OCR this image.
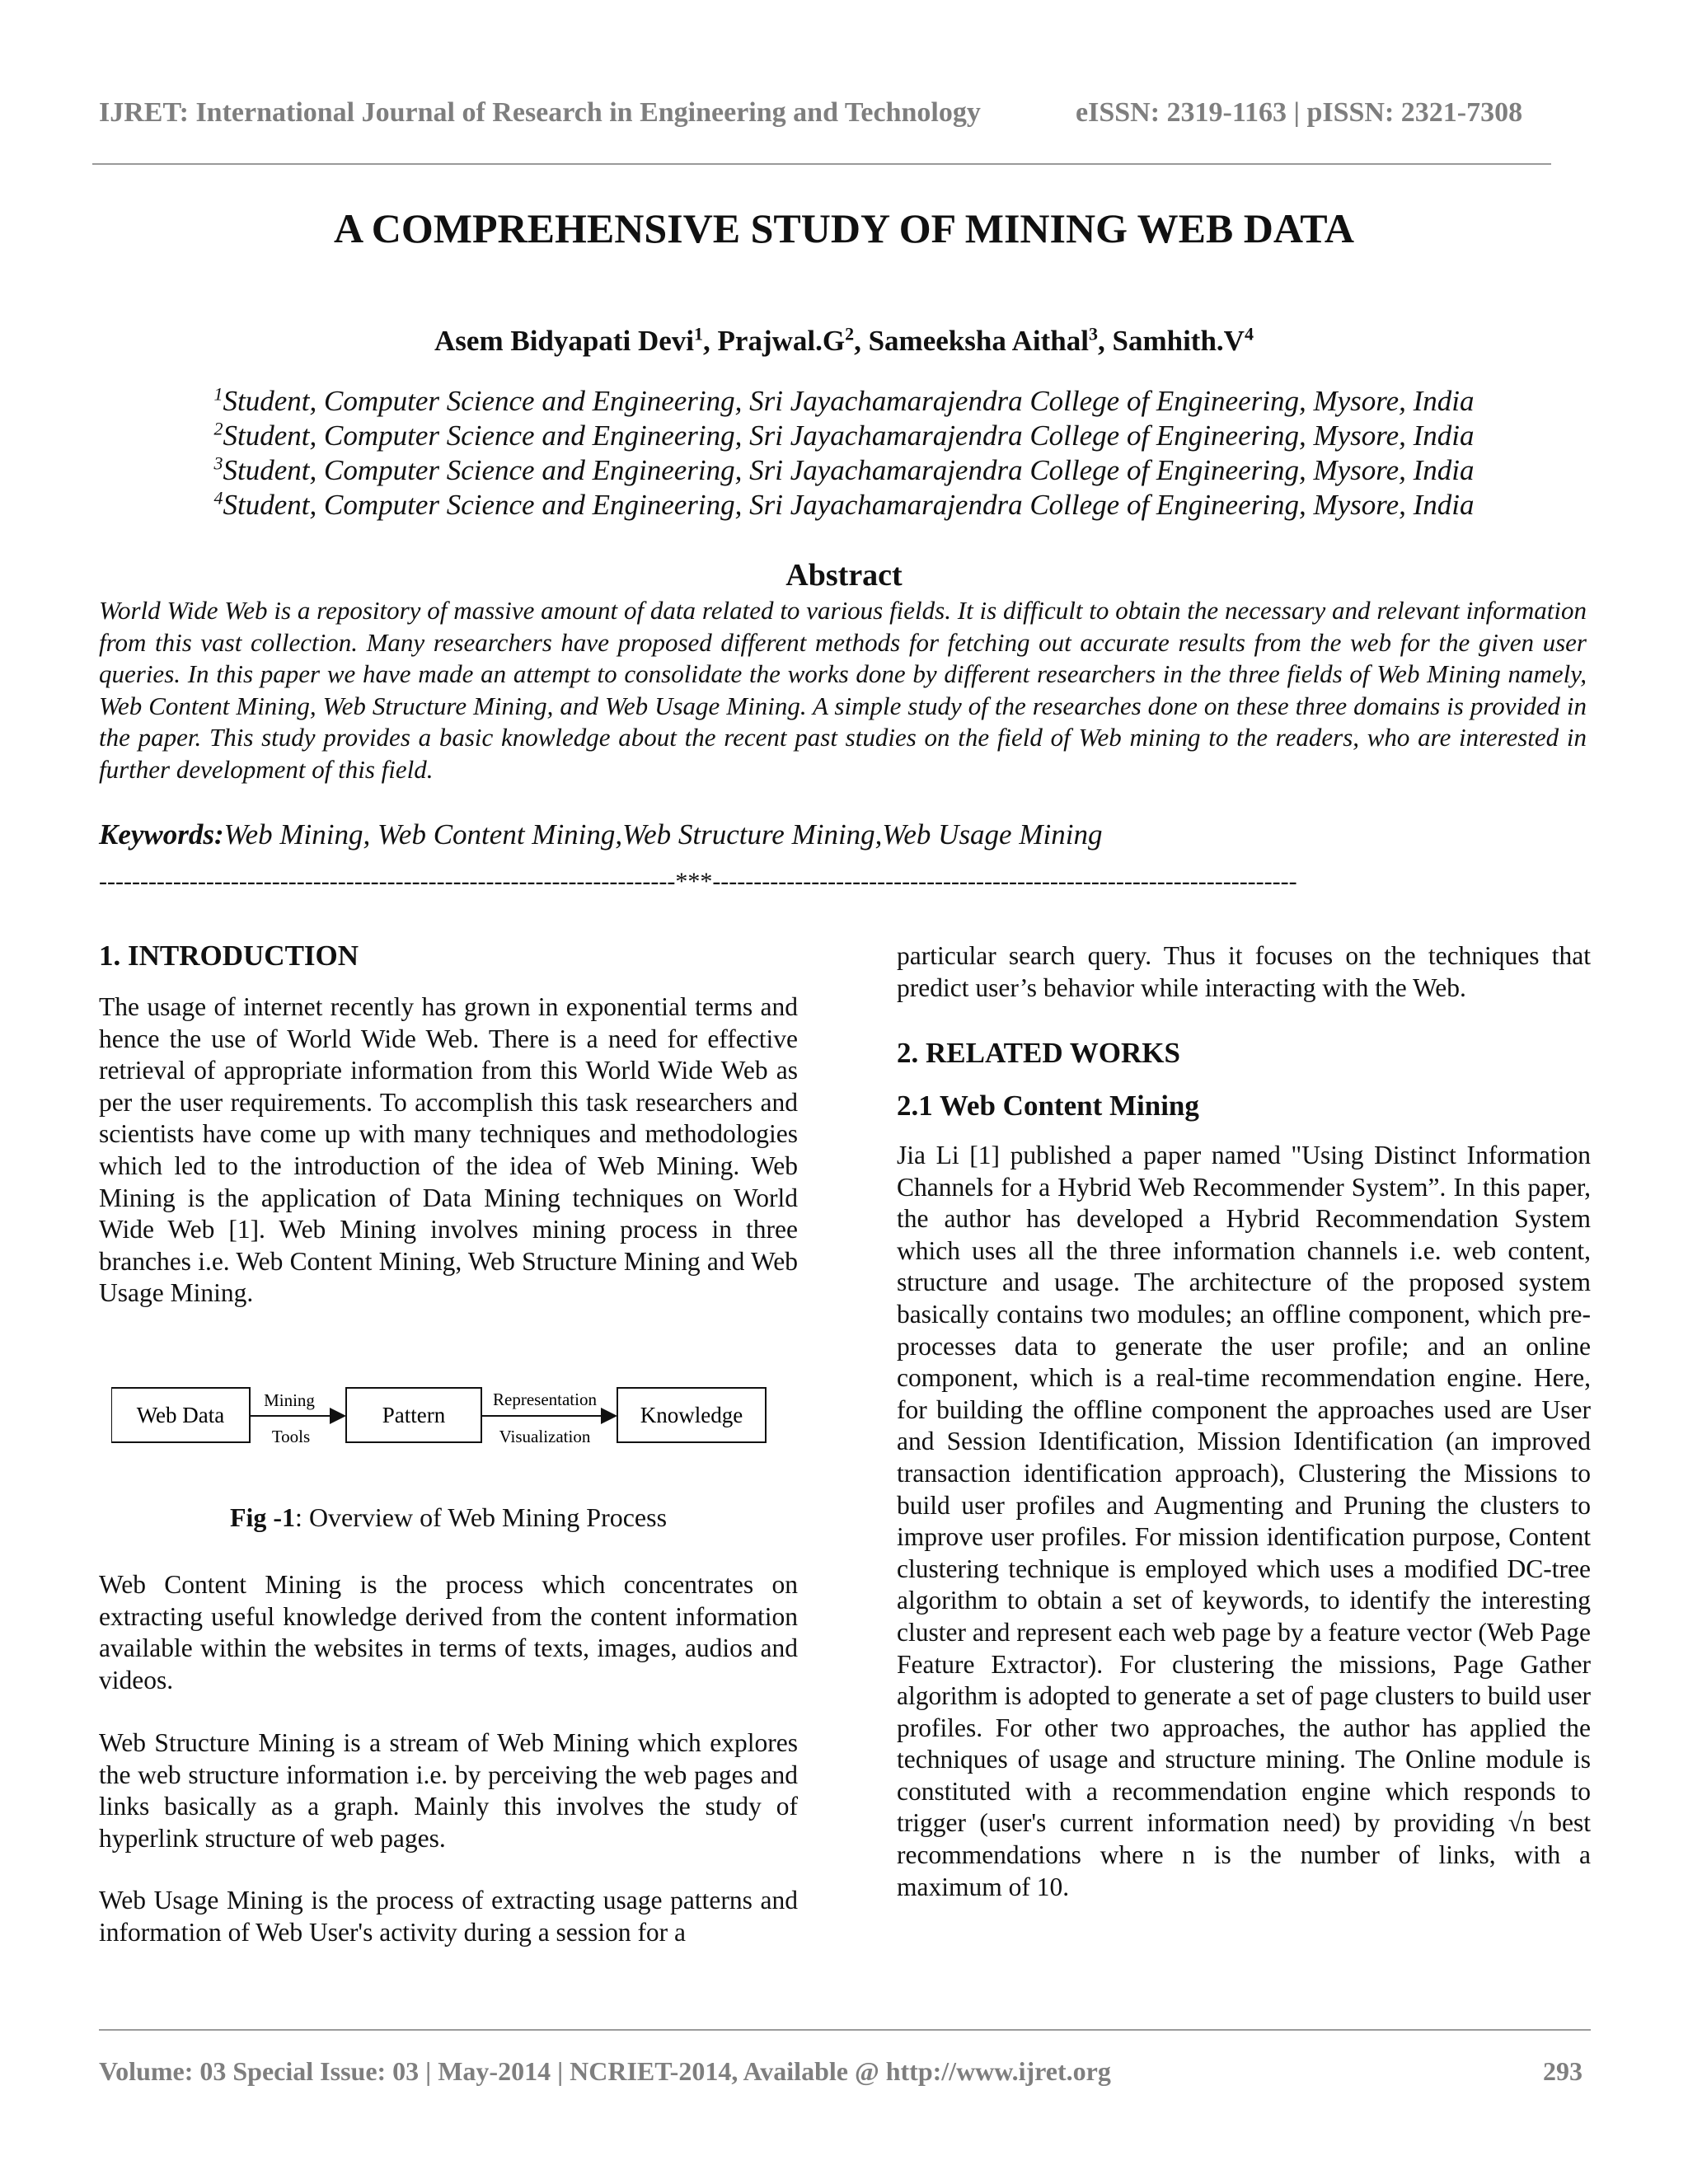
IJRET: International Journal of Research in Engineering and Technology	eISSN: 2319-1163 | pISSN: 2321-7308
A COMPREHENSIVE STUDY OF MINING WEB DATA
Asem Bidyapati Devi$^1$, $Prajwal.G^2$, Sameeksha Aithal$^3$, $Samhith.V^4$
$^1$Student, Computer Science and Engineering, Sri Jayachamarajendra College of Engineering, Mysore, India
$^2$Student, Computer Science and Engineering, Sri Jayachamarajendra College of Engineering, Mysore, India
$^3$Student, Computer Science and Engineering, Sri Jayachamarajendra College of Engineering, Mysore, India
$^4$Student, Computer Science and Engineering, Sri Jayachamarajendra College of Engineering, Mysore, India
Abstract
World Wide Web is a repository of massive amount of data related to various fields. It is difficult to obtain the necessary and relevant information from this vast collection. Many researchers have proposed different methods for fetching out accurate results from the web for the given user queries. In this paper we have made an attempt to consolidate the works done by different researchers in the three fields of Web Mining namely, Web Content Mining, Web Structure Mining, and Web Usage Mining. A simple study of the researches done on these three domains is provided in the paper. This study provides a basic knowledge about the recent past studies on the field of Web mining to the readers, who are interested in further development of this field.
Keywords:Web Mining, Web Content Mining,Web Structure Mining,Web Usage Mining
----------------------------------------------------------------------***-----------------------------------------------------------------------
1. INTRODUCTION

The usage of internet recently has grown in exponential terms and hence the use of World Wide Web. There is a need for effective retrieval of appropriate information from this World Wide Web as per the user requirements. To accomplish this task researchers and scientists have come up with many techniques and methodologies which led to the introduction of the idea of Web Mining. Web Mining is the application of Data Mining techniques on World Wide Web [1]. Web Mining involves mining process in three branches i.e. Web Content Mining, Web Structure Mining and Web Usage Mining.

Web Data
Mining
Tools
Pattern
Representation
Visualization
Knowledge
Fig -1: Overview of Web Mining Process

Web Content Mining is the process which concentrates on extracting useful knowledge derived from the content information available within the websites in terms of texts, images, audios and videos.

Web Structure Mining is a stream of Web Mining which explores the web structure information i.e. by perceiving the web pages and links basically as a graph. Mainly this involves the study of hyperlink structure of web pages.

Web Usage Mining is the process of extracting usage patterns and information of Web User's activity during a session for a

particular search query. Thus it focuses on the techniques that predict user’s behavior while interacting with the Web.

2. RELATED WORKS
2.1 Web Content Mining

Jia Li [1] published a paper named "Using Distinct Information Channels for a Hybrid Web Recommender System”. In this paper, the author has developed a Hybrid Recommendation System which uses all the three information channels i.e. web content, structure and usage. The architecture of the proposed system basically contains two modules; an offline component, which pre-processes data to generate the user profile; and an online component, which is a real-time recommendation engine. Here, for building the offline component the approaches used are User and Session Identification, Mission Identification (an improved transaction identification approach), Clustering the Missions to build user profiles and Augmenting and Pruning the clusters to improve user profiles. For mission identification purpose, Content clustering technique is employed which uses a modified DC-tree algorithm to obtain a set of keywords, to identify the interesting cluster and represent each web page by a feature vector (Web Page Feature Extractor). For clustering the missions, Page Gather algorithm is adopted to generate a set of page clusters to build user profiles. For other two approaches, the author has applied the techniques of usage and structure mining. The Online module is constituted with a recommendation engine which responds to trigger (user's current information need) by providing √n best recommendations where n is the number of links, with a maximum of 10.

Volume: 03 Special Issue: 03 | May-2014 | NCRIET-2014, Available @ http://www.ijret.org	293
